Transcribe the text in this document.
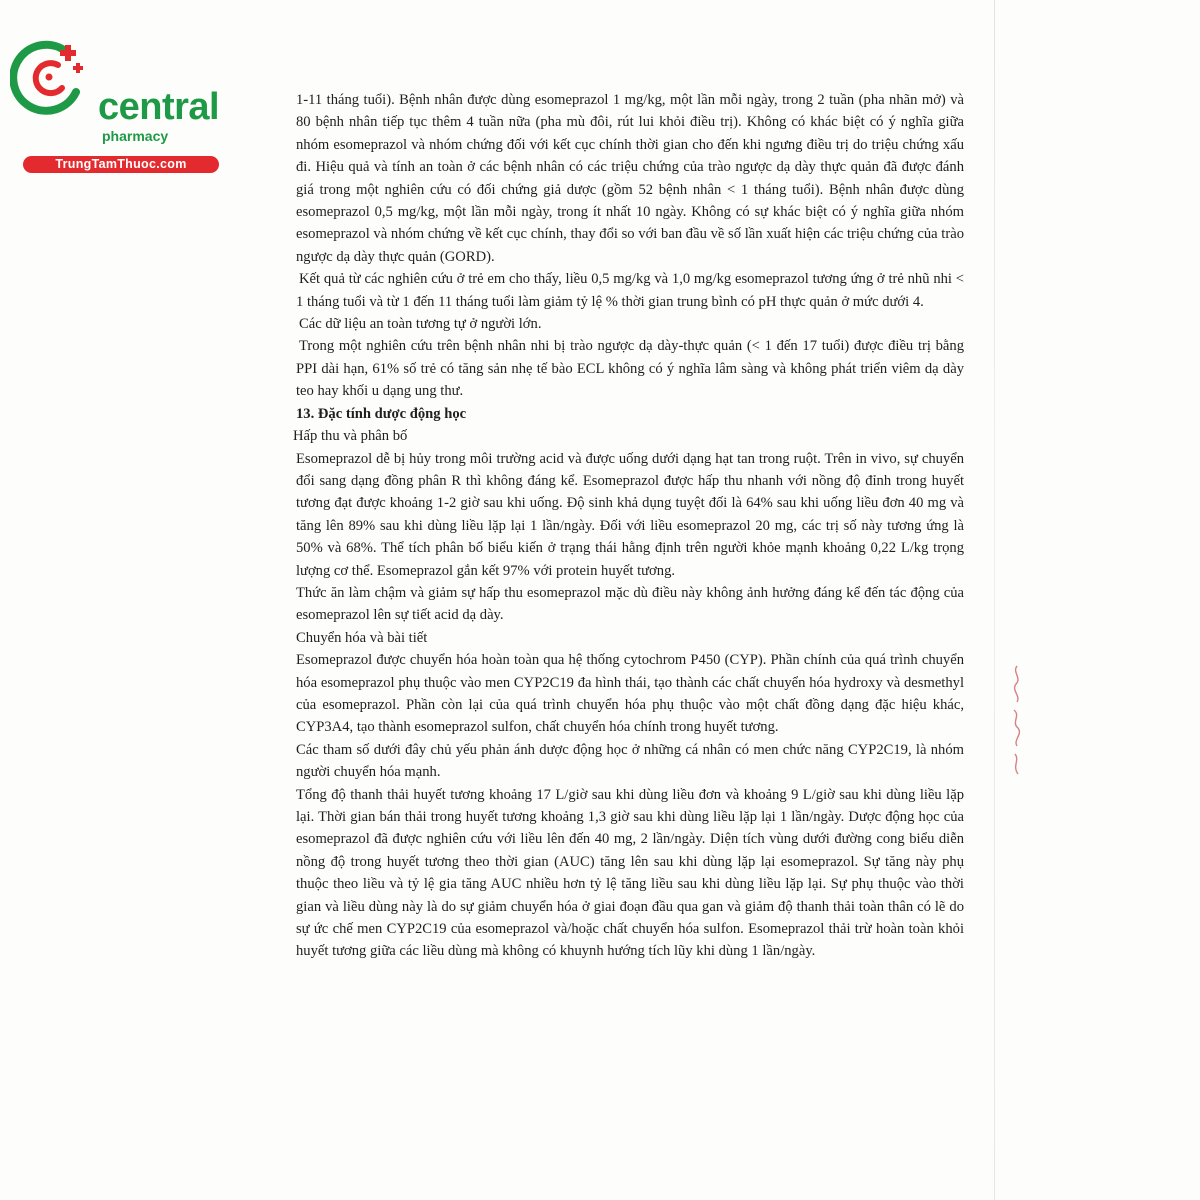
central
pharmacy
TrungTamThuoc.com

1-11 tháng tuổi). Bệnh nhân được dùng esomeprazol 1 mg/kg, một lần mỗi ngày, trong 2 tuần (pha nhãn mở) và 80 bệnh nhân tiếp tục thêm 4 tuần nữa (pha mù đôi, rút lui khỏi điều trị). Không có khác biệt có ý nghĩa giữa nhóm esomeprazol và nhóm chứng đối với kết cục chính thời gian cho đến khi ngưng điều trị do triệu chứng xấu đi. Hiệu quả và tính an toàn ở các bệnh nhân có các triệu chứng của trào ngược dạ dày thực quản đã được đánh giá trong một nghiên cứu có đối chứng giả dược (gồm 52 bệnh nhân < 1 tháng tuổi). Bệnh nhân được dùng esomeprazol 0,5 mg/kg, một lần mỗi ngày, trong ít nhất 10 ngày. Không có sự khác biệt có ý nghĩa giữa nhóm esomeprazol và nhóm chứng về kết cục chính, thay đổi so với ban đầu về số lần xuất hiện các triệu chứng của trào ngược dạ dày thực quản (GORD).

Kết quả từ các nghiên cứu ở trẻ em cho thấy, liều 0,5 mg/kg và 1,0 mg/kg esomeprazol tương ứng ở trẻ nhũ nhi < 1 tháng tuổi và từ 1 đến 11 tháng tuổi làm giảm tỷ lệ % thời gian trung bình có pH thực quản ở mức dưới 4.

Các dữ liệu an toàn tương tự ở người lớn.

Trong một nghiên cứu trên bệnh nhân nhi bị trào ngược dạ dày-thực quản (< 1 đến 17 tuổi) được điều trị bằng PPI dài hạn, 61% số trẻ có tăng sản nhẹ tế bào ECL không có ý nghĩa lâm sàng và không phát triển viêm dạ dày teo hay khối u dạng ung thư.

13. Đặc tính dược động học

Hấp thu và phân bố

Esomeprazol dễ bị hủy trong môi trường acid và được uống dưới dạng hạt tan trong ruột. Trên in vivo, sự chuyển đổi sang dạng đồng phân R thì không đáng kể. Esomeprazol được hấp thu nhanh với nồng độ đỉnh trong huyết tương đạt được khoảng 1-2 giờ sau khi uống. Độ sinh khả dụng tuyệt đối là 64% sau khi uống liều đơn 40 mg và tăng lên 89% sau khi dùng liều lặp lại 1 lần/ngày. Đối với liều esomeprazol 20 mg, các trị số này tương ứng là 50% và 68%. Thể tích phân bố biểu kiến ở trạng thái hằng định trên người khỏe mạnh khoảng 0,22 L/kg trọng lượng cơ thể. Esomeprazol gắn kết 97% với protein huyết tương.

Thức ăn làm chậm và giảm sự hấp thu esomeprazol mặc dù điều này không ảnh hưởng đáng kể đến tác động của esomeprazol lên sự tiết acid dạ dày.

Chuyển hóa và bài tiết

Esomeprazol được chuyển hóa hoàn toàn qua hệ thống cytochrom P450 (CYP). Phần chính của quá trình chuyển hóa esomeprazol phụ thuộc vào men CYP2C19 đa hình thái, tạo thành các chất chuyển hóa hydroxy và desmethyl của esomeprazol. Phần còn lại của quá trình chuyển hóa phụ thuộc vào một chất đồng dạng đặc hiệu khác, CYP3A4, tạo thành esomeprazol sulfon, chất chuyển hóa chính trong huyết tương.

Các tham số dưới đây chủ yếu phản ánh dược động học ở những cá nhân có men chức năng CYP2C19, là nhóm người chuyển hóa mạnh.

Tổng độ thanh thải huyết tương khoảng 17 L/giờ sau khi dùng liều đơn và khoảng 9 L/giờ sau khi dùng liều lặp lại. Thời gian bán thải trong huyết tương khoảng 1,3 giờ sau khi dùng liều lặp lại 1 lần/ngày. Dược động học của esomeprazol đã được nghiên cứu với liều lên đến 40 mg, 2 lần/ngày. Diện tích vùng dưới đường cong biểu diễn nồng độ trong huyết tương theo thời gian (AUC) tăng lên sau khi dùng lặp lại esomeprazol. Sự tăng này phụ thuộc theo liều và tỷ lệ gia tăng AUC nhiều hơn tỷ lệ tăng liều sau khi dùng liều lặp lại. Sự phụ thuộc vào thời gian và liều dùng này là do sự giảm chuyển hóa ở giai đoạn đầu qua gan và giảm độ thanh thải toàn thân có lẽ do sự ức chế men CYP2C19 của esomeprazol và/hoặc chất chuyển hóa sulfon. Esomeprazol thải trừ hoàn toàn khỏi huyết tương giữa các liều dùng mà không có khuynh hướng tích lũy khi dùng 1 lần/ngày.
